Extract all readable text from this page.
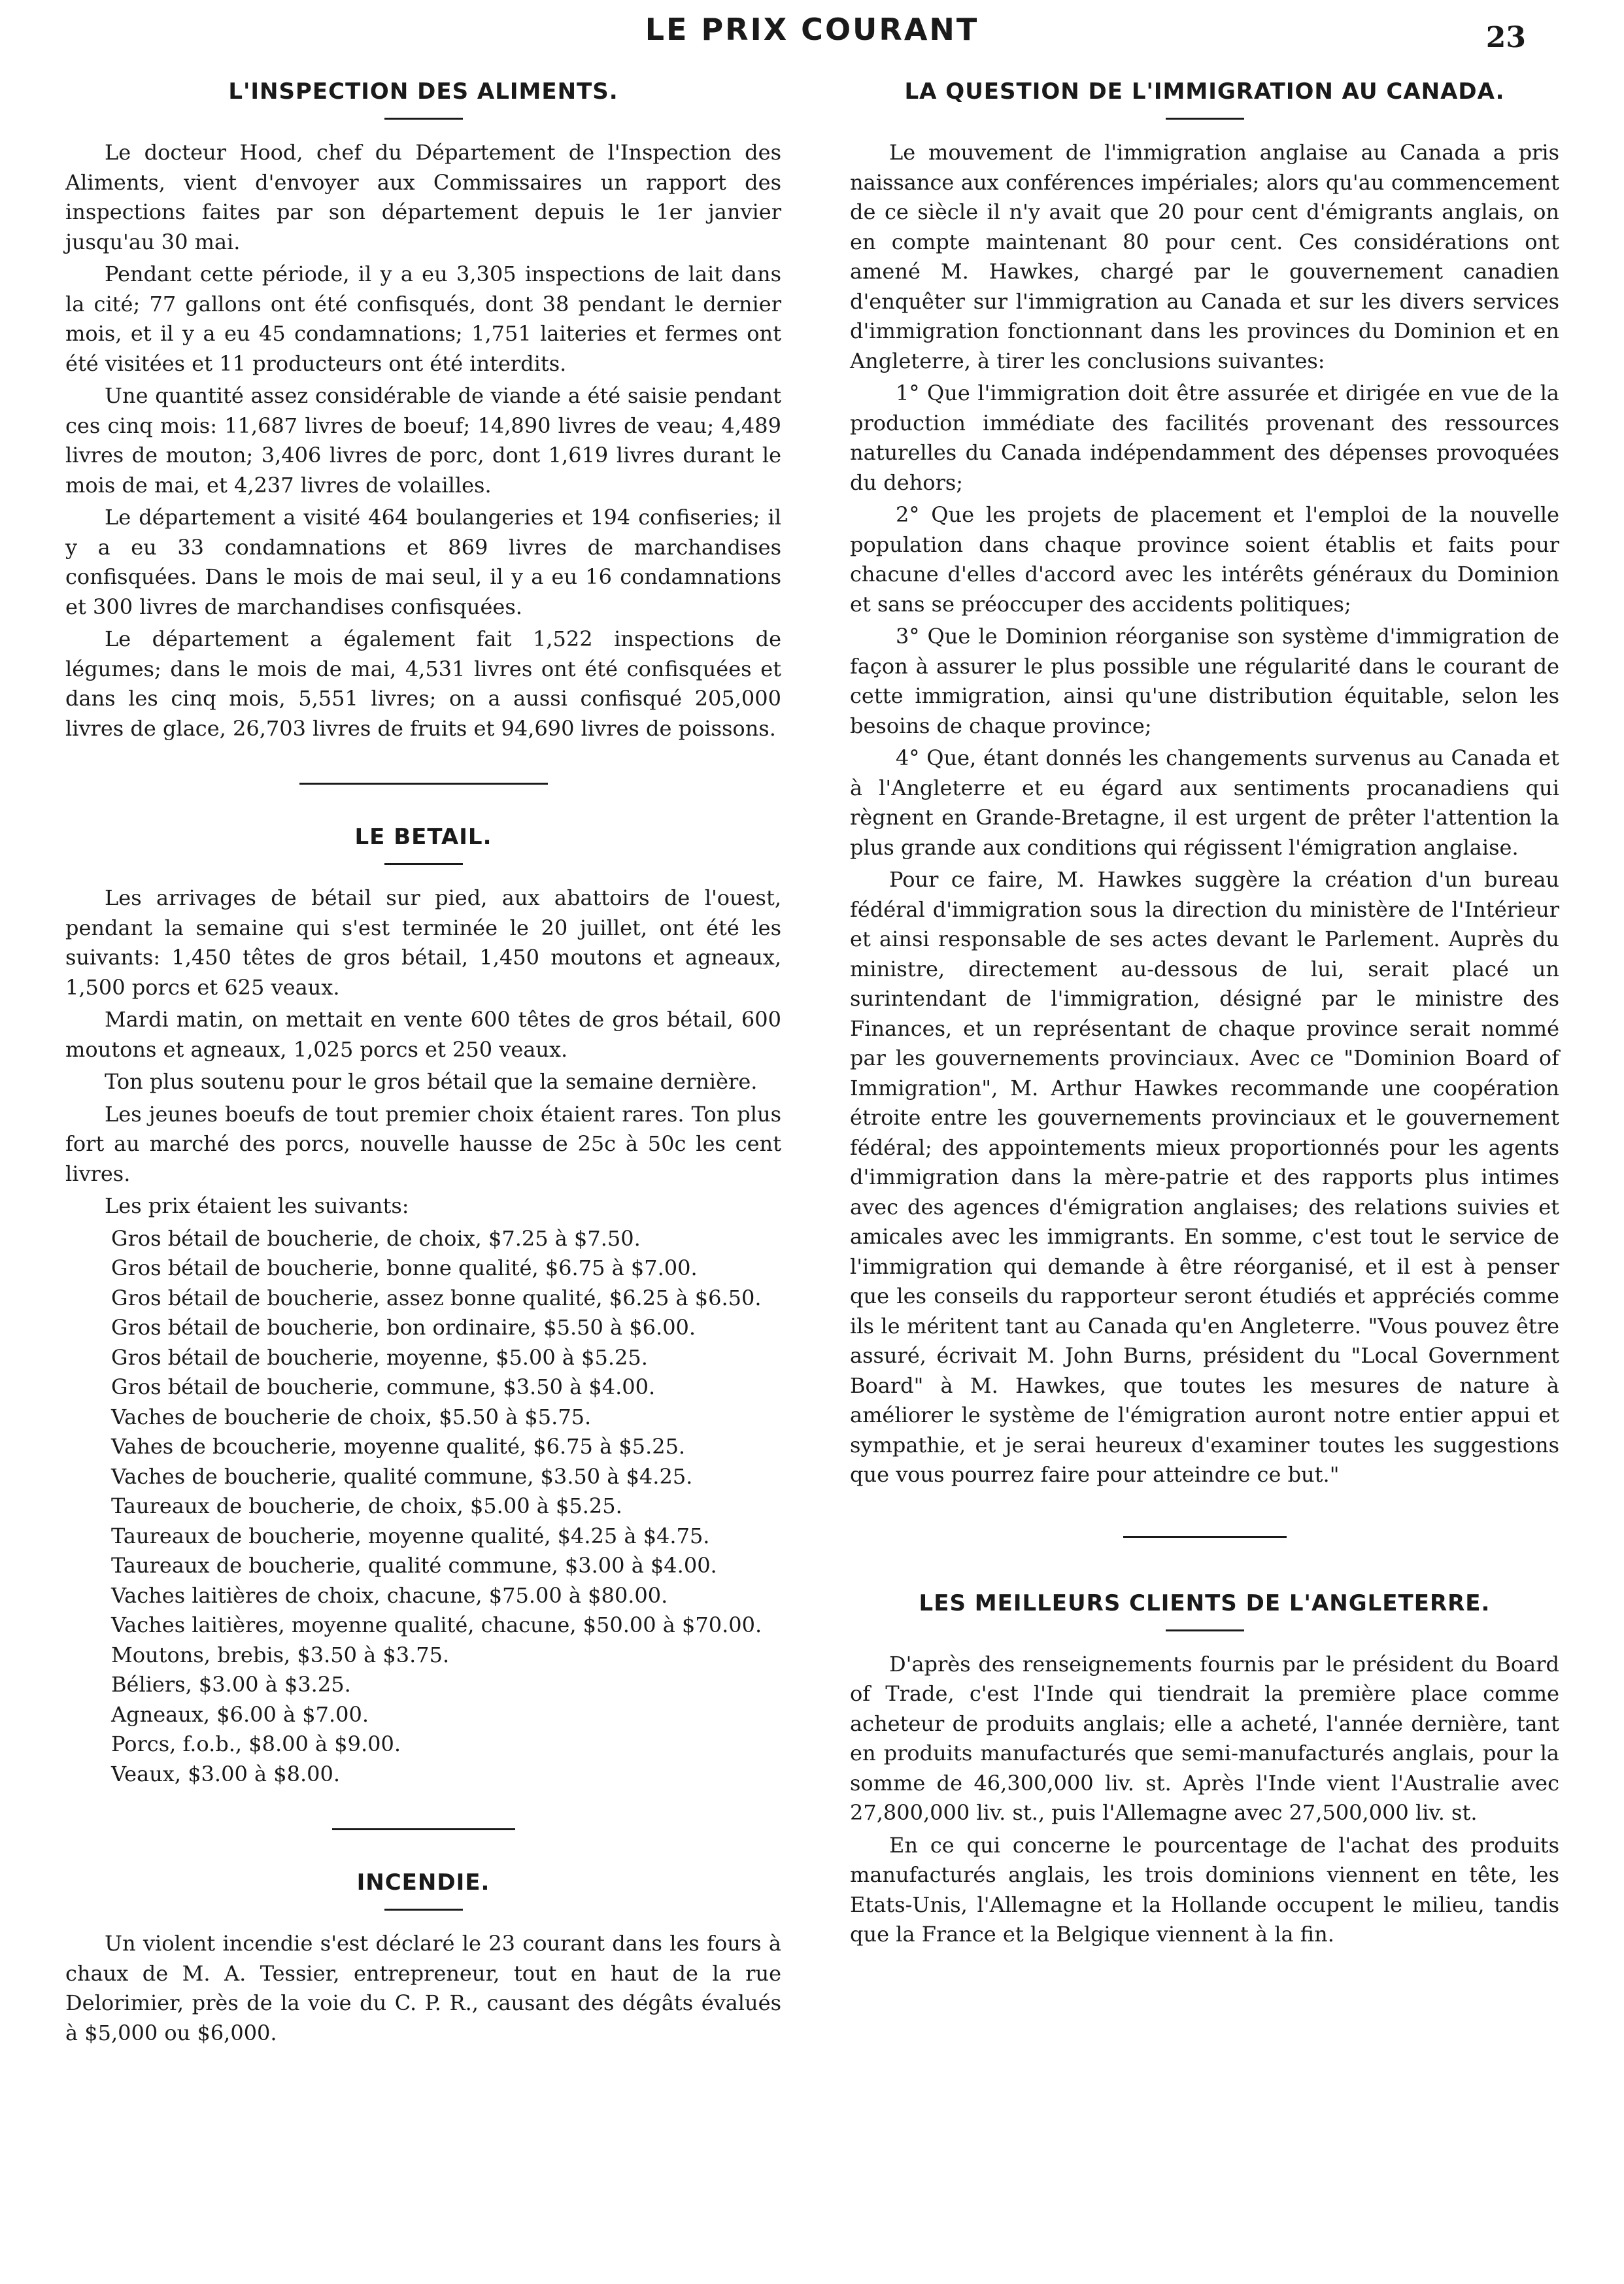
LE PRIX COURANT	23
L'INSPECTION DES ALIMENTS.

Le docteur Hood, chef du Département de l'Inspection des Aliments, vient d'envoyer aux Commissaires un rapport des inspections faites par son département depuis le 1er janvier jusqu'au 30 mai.

Pendant cette période, il y a eu 3,305 inspections de lait dans la cité; 77 gallons ont été confisqués, dont 38 pendant le dernier mois, et il y a eu 45 condamnations; 1,751 laiteries et fermes ont été visitées et 11 producteurs ont été interdits.

Une quantité assez considérable de viande a été saisie pendant ces cinq mois: 11,687 livres de boeuf; 14,890 livres de veau; 4,489 livres de mouton; 3,406 livres de porc, dont 1,619 livres durant le mois de mai, et 4,237 livres de volailles.

Le département a visité 464 boulangeries et 194 confiseries; il y a eu 33 condamnations et 869 livres de marchandises confisquées. Dans le mois de mai seul, il y a eu 16 condamnations et 300 livres de marchandises confisquées.

Le département a également fait 1,522 inspections de légumes; dans le mois de mai, 4,531 livres ont été confisquées et dans les cinq mois, 5,551 livres; on a aussi confisqué 205,000 livres de glace, 26,703 livres de fruits et 94,690 livres de poissons.

LE BETAIL.

Les arrivages de bétail sur pied, aux abattoirs de l'ouest, pendant la semaine qui s'est terminée le 20 juillet, ont été les suivants: 1,450 têtes de gros bétail, 1,450 moutons et agneaux, 1,500 porcs et 625 veaux.

Mardi matin, on mettait en vente 600 têtes de gros bétail, 600 moutons et agneaux, 1,025 porcs et 250 veaux.

Ton plus soutenu pour le gros bétail que la semaine dernière.

Les jeunes boeufs de tout premier choix étaient rares. Ton plus fort au marché des porcs, nouvelle hausse de 25c à 50c les cent livres.

Les prix étaient les suivants:

Gros bétail de boucherie, de choix, $7.25 à $7.50.
Gros bétail de boucherie, bonne qualité, $6.75 à $7.00.
Gros bétail de boucherie, assez bonne qualité, $6.25 à $6.50.
Gros bétail de boucherie, bon ordinaire, $5.50 à $6.00.
Gros bétail de boucherie, moyenne, $5.00 à $5.25.
Gros bétail de boucherie, commune, $3.50 à $4.00.
Vaches de boucherie de choix, $5.50 à $5.75.
Vahes de bcoucherie, moyenne qualité, $6.75 à $5.25.
Vaches de boucherie, qualité commune, $3.50 à $4.25.
Taureaux de boucherie, de choix, $5.00 à $5.25.
Taureaux de boucherie, moyenne qualité, $4.25 à $4.75.
Taureaux de boucherie, qualité commune, $3.00 à $4.00.
Vaches laitières de choix, chacune, $75.00 à $80.00.
Vaches laitières, moyenne qualité, chacune, $50.00 à $70.00.
Moutons, brebis, $3.50 à $3.75.
Béliers, $3.00 à $3.25.
Agneaux, $6.00 à $7.00.
Porcs, f.o.b., $8.00 à $9.00.
Veaux, $3.00 à $8.00.
INCENDIE.

Un violent incendie s'est déclaré le 23 courant dans les fours à chaux de M. A. Tessier, entrepreneur, tout en haut de la rue Delorimier, près de la voie du C. P. R., causant des dégâts évalués à $5,000 ou $6,000.

LA QUESTION DE L'IMMIGRATION AU CANADA.

Le mouvement de l'immigration anglaise au Canada a pris naissance aux conférences impériales; alors qu'au commencement de ce siècle il n'y avait que 20 pour cent d'émigrants anglais, on en compte maintenant 80 pour cent. Ces considérations ont amené M. Hawkes, chargé par le gouvernement canadien d'enquêter sur l'immigration au Canada et sur les divers services d'immigration fonctionnant dans les provinces du Dominion et en Angleterre, à tirer les conclusions suivantes:

1° Que l'immigration doit être assurée et dirigée en vue de la production immédiate des facilités provenant des ressources naturelles du Canada indépendamment des dépenses provoquées du dehors;

2° Que les projets de placement et l'emploi de la nouvelle population dans chaque province soient établis et faits pour chacune d'elles d'accord avec les intérêts généraux du Dominion et sans se préoccuper des accidents politiques;

3° Que le Dominion réorganise son système d'immigration de façon à assurer le plus possible une régularité dans le courant de cette immigration, ainsi qu'une distribution équitable, selon les besoins de chaque province;

4° Que, étant donnés les changements survenus au Canada et à l'Angleterre et eu égard aux sentiments procanadiens qui règnent en Grande-Bretagne, il est urgent de prêter l'attention la plus grande aux conditions qui régissent l'émigration anglaise.

Pour ce faire, M. Hawkes suggère la création d'un bureau fédéral d'immigration sous la direction du ministère de l'Intérieur et ainsi responsable de ses actes devant le Parlement. Auprès du ministre, directement au-dessous de lui, serait placé un surintendant de l'immigration, désigné par le ministre des Finances, et un représentant de chaque province serait nommé par les gouvernements provinciaux. Avec ce "Dominion Board of Immigration", M. Arthur Hawkes recommande une coopération étroite entre les gouvernements provinciaux et le gouvernement fédéral; des appointements mieux proportionnés pour les agents d'immigration dans la mère-patrie et des rapports plus intimes avec des agences d'émigration anglaises; des relations suivies et amicales avec les immigrants. En somme, c'est tout le service de l'immigration qui demande à être réorganisé, et il est à penser que les conseils du rapporteur seront étudiés et appréciés comme ils le méritent tant au Canada qu'en Angleterre. "Vous pouvez être assuré, écrivait M. John Burns, président du "Local Government Board" à M. Hawkes, que toutes les mesures de nature à améliorer le système de l'émigration auront notre entier appui et sympathie, et je serai heureux d'examiner toutes les suggestions que vous pourrez faire pour atteindre ce but."

LES MEILLEURS CLIENTS DE L'ANGLETERRE.

D'après des renseignements fournis par le président du Board of Trade, c'est l'Inde qui tiendrait la première place comme acheteur de produits anglais; elle a acheté, l'année dernière, tant en produits manufacturés que semi-manufacturés anglais, pour la somme de 46,300,000 liv. st. Après l'Inde vient l'Australie avec 27,800,000 liv. st., puis l'Allemagne avec 27,500,000 liv. st.

En ce qui concerne le pourcentage de l'achat des produits manufacturés anglais, les trois dominions viennent en tête, les Etats-Unis, l'Allemagne et la Hollande occupent le milieu, tandis que la France et la Belgique viennent à la fin.
